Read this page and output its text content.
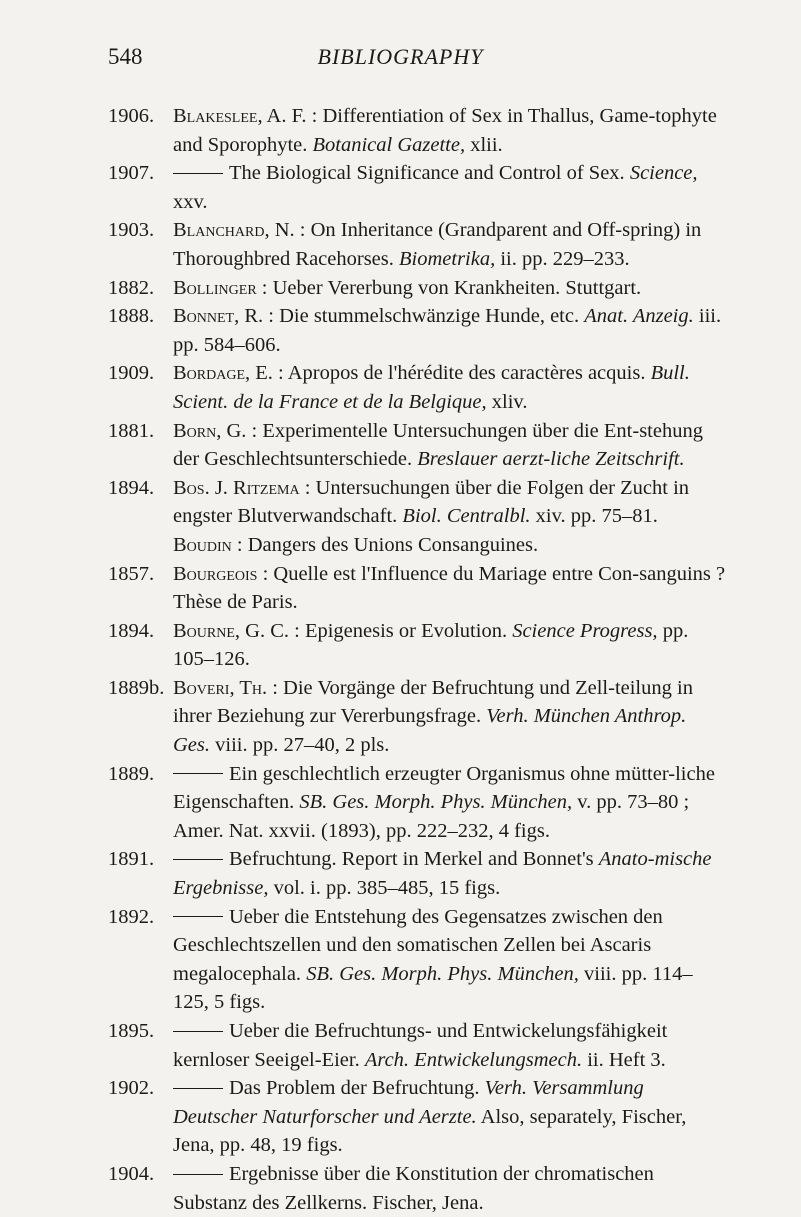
548	BIBLIOGRAPHY
1906. Blakeslee, A. F. : Differentiation of Sex in Thallus, Game-tophyte and Sporophyte. Botanical Gazette, xlii.
1907.	The Biological Significance and Control of Sex. Science, xxv.
1903. Blanchard, N. : On Inheritance (Grandparent and Off-spring) in Thoroughbred Racehorses. Biometrika, ii. pp. 229–233.
1882. Bollinger : Ueber Vererbung von Krankheiten. Stuttgart.
1888. Bonnet, R. : Die stummelschwänzige Hunde, etc. Anat. Anzeig. iii. pp. 584–606.
1909. Bordage, E. : Apropos de l'hérédite des caractères acquis. Bull. Scient. de la France et de la Belgique, xliv.
1881. Born, G. : Experimentelle Untersuchungen über die Ent-stehung der Geschlechtsunterschiede. Breslauer aerzt-liche Zeitschrift.
1894. Bos. J. Ritzema : Untersuchungen über die Folgen der Zucht in engster Blutverwandschaft. Biol. Centralbl. xiv. pp. 75–81.
Boudin : Dangers des Unions Consanguines.
1857. Bourgeois : Quelle est l'Influence du Mariage entre Con-sanguins ? Thèse de Paris.
1894. Bourne, G. C. : Epigenesis or Evolution. Science Progress, pp. 105–126.
1889b. Boveri, Th. : Die Vorgänge der Befruchtung und Zell-teilung in ihrer Beziehung zur Vererbungsfrage. Verh. München Anthrop. Ges. viii. pp. 27–40, 2 pls.
1889.	Ein geschlechtlich erzeugter Organismus ohne mütter-liche Eigenschaften. SB. Ges. Morph. Phys. München, v. pp. 73–80 ; Amer. Nat. xxvii. (1893), pp. 222–232, 4 figs.
1891.	Befruchtung. Report in Merkel and Bonnet's Anato-mische Ergebnisse, vol. i. pp. 385–485, 15 figs.
1892.	Ueber die Entstehung des Gegensatzes zwischen den Geschlechtszellen und den somatischen Zellen bei Ascaris megalocephala. SB. Ges. Morph. Phys. München, viii. pp. 114–125, 5 figs.
1895.	Ueber die Befruchtungs- und Entwickelungsfähigkeit kernloser Seeigel-Eier. Arch. Entwickelungsmech. ii. Heft 3.
1902.	Das Problem der Befruchtung. Verh. Versammlung Deutscher Naturforscher und Aerzte. Also, separately, Fischer, Jena, pp. 48, 19 figs.
1904.	Ergebnisse über die Konstitution der chromatischen Substanz des Zellkerns. Fischer, Jena.
